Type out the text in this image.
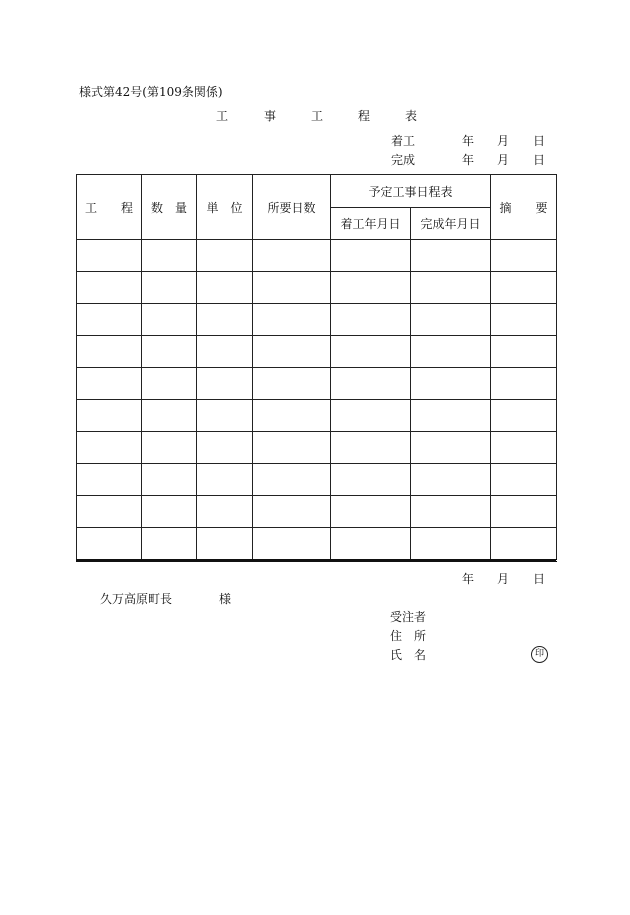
様式第42号(第109条関係)
工	事	工	程	表
着工	年 月 日
完成	年 月 日
工　　程	数　量	単　位	所要日数	予定工事日程表		摘　　要
				着工年月日	完成年月日	

年 月 日
久万高原町長	様
受注者
住　所
氏　名	印
